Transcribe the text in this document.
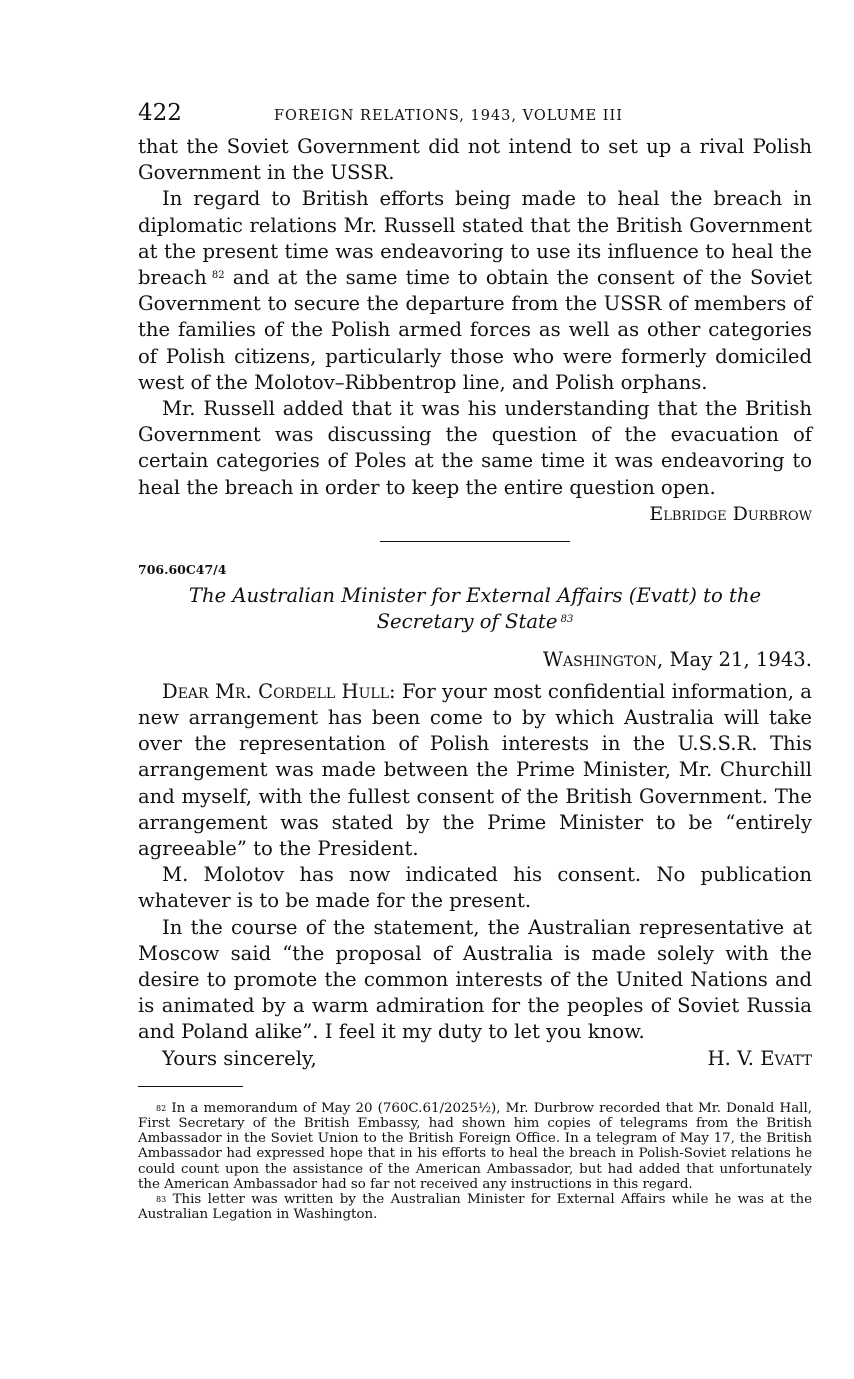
422	FOREIGN RELATIONS, 1943, VOLUME III

that the Soviet Government did not intend to set up a rival Polish Government in the USSR.

In regard to British efforts being made to heal the breach in diplomatic relations Mr. Russell stated that the British Government at the present time was endeavoring to use its influence to heal the breach $^{82}$ and at the same time to obtain the consent of the Soviet Government to secure the departure from the USSR of members of the families of the Polish armed forces as well as other categories of Polish citizens, particularly those who were formerly domiciled west of the Molotov–Ribbentrop line, and Polish orphans.

Mr. Russell added that it was his understanding that the British Government was discussing the question of the evacuation of certain categories of Poles at the same time it was endeavoring to heal the breach in order to keep the entire question open.

Elbridge Durbrow
706.60C47/4
The Australian Minister for External Affairs (Evatt) to the Secretary of State $^{83}$
Washington, May 21, 1943.

Dear Mr. Cordell Hull: For your most confidential information, a new arrangement has been come to by which Australia will take over the representation of Polish interests in the U.S.S.R. This arrangement was made between the Prime Minister, Mr. Churchill and myself, with the fullest consent of the British Government. The arrangement was stated by the Prime Minister to be “entirely agreeable” to the President.

M. Molotov has now indicated his consent. No publication whatever is to be made for the present.

In the course of the statement, the Australian representative at Moscow said “the proposal of Australia is made solely with the desire to promote the common interests of the United Nations and is animated by a warm admiration for the peoples of Soviet Russia and Poland alike”. I feel it my duty to let you know.

Yours sincerely,	H. V. Evatt

$^{82}$ In a memorandum of May 20 (760C.61/2025½), Mr. Durbrow recorded that Mr. Donald Hall, First Secretary of the British Embassy, had shown him copies of telegrams from the British Ambassador in the Soviet Union to the British Foreign Office. In a telegram of May 17, the British Ambassador had expressed hope that in his efforts to heal the breach in Polish-Soviet relations he could count upon the assistance of the American Ambassador, but had added that unfortunately the American Ambassador had so far not received any instructions in this regard.

$^{83}$ This letter was written by the Australian Minister for External Affairs while he was at the Australian Legation in Washington.
